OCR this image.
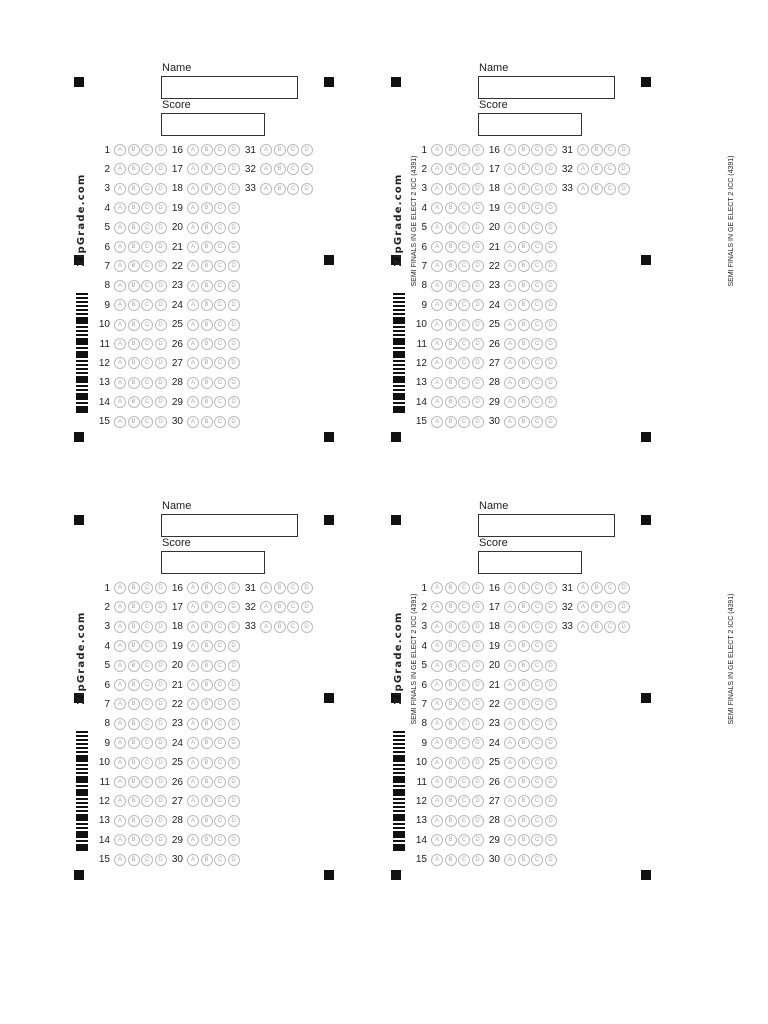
Name
Score
ZipGrade.com	SEMI FINALS IN GE ELECT 2 ICC (4391)
1	A	B	C	D
2	A	B	C	D
3	A	B	C	D
4	A	B	C	D
5	A	B	C	D
6	A	B	C	D
7	A	B	C	D
8	A	B	C	D
9	A	B	C	D
10	A	B	C	D
11	A	B	C	D
12	A	B	C	D
13	A	B	C	D
14	A	B	C	D
15	A	B	C	D
16	A	B	C	D
17	A	B	C	D
18	A	B	C	D
19	A	B	C	D
20	A	B	C	D
21	A	B	C	D
22	A	B	C	D
23	A	B	C	D
24	A	B	C	D
25	A	B	C	D
26	A	B	C	D
27	A	B	C	D
28	A	B	C	D
29	A	B	C	D
30	A	B	C	D
31	A	B	C	D
32	A	B	C	D
33	A	B	C	D
Name
Score
ZipGrade.com	SEMI FINALS IN GE ELECT 2 ICC (4391)
1	A	B	C	D
2	A	B	C	D
3	A	B	C	D
4	A	B	C	D
5	A	B	C	D
6	A	B	C	D
7	A	B	C	D
8	A	B	C	D
9	A	B	C	D
10	A	B	C	D
11	A	B	C	D
12	A	B	C	D
13	A	B	C	D
14	A	B	C	D
15	A	B	C	D
16	A	B	C	D
17	A	B	C	D
18	A	B	C	D
19	A	B	C	D
20	A	B	C	D
21	A	B	C	D
22	A	B	C	D
23	A	B	C	D
24	A	B	C	D
25	A	B	C	D
26	A	B	C	D
27	A	B	C	D
28	A	B	C	D
29	A	B	C	D
30	A	B	C	D
31	A	B	C	D
32	A	B	C	D
33	A	B	C	D
Name
Score
ZipGrade.com	SEMI FINALS IN GE ELECT 2 ICC (4391)
1	A	B	C	D
2	A	B	C	D
3	A	B	C	D
4	A	B	C	D
5	A	B	C	D
6	A	B	C	D
7	A	B	C	D
8	A	B	C	D
9	A	B	C	D
10	A	B	C	D
11	A	B	C	D
12	A	B	C	D
13	A	B	C	D
14	A	B	C	D
15	A	B	C	D
16	A	B	C	D
17	A	B	C	D
18	A	B	C	D
19	A	B	C	D
20	A	B	C	D
21	A	B	C	D
22	A	B	C	D
23	A	B	C	D
24	A	B	C	D
25	A	B	C	D
26	A	B	C	D
27	A	B	C	D
28	A	B	C	D
29	A	B	C	D
30	A	B	C	D
31	A	B	C	D
32	A	B	C	D
33	A	B	C	D
Name
Score
ZipGrade.com	SEMI FINALS IN GE ELECT 2 ICC (4391)
1	A	B	C	D
2	A	B	C	D
3	A	B	C	D
4	A	B	C	D
5	A	B	C	D
6	A	B	C	D
7	A	B	C	D
8	A	B	C	D
9	A	B	C	D
10	A	B	C	D
11	A	B	C	D
12	A	B	C	D
13	A	B	C	D
14	A	B	C	D
15	A	B	C	D
16	A	B	C	D
17	A	B	C	D
18	A	B	C	D
19	A	B	C	D
20	A	B	C	D
21	A	B	C	D
22	A	B	C	D
23	A	B	C	D
24	A	B	C	D
25	A	B	C	D
26	A	B	C	D
27	A	B	C	D
28	A	B	C	D
29	A	B	C	D
30	A	B	C	D
31	A	B	C	D
32	A	B	C	D
33	A	B	C	D
